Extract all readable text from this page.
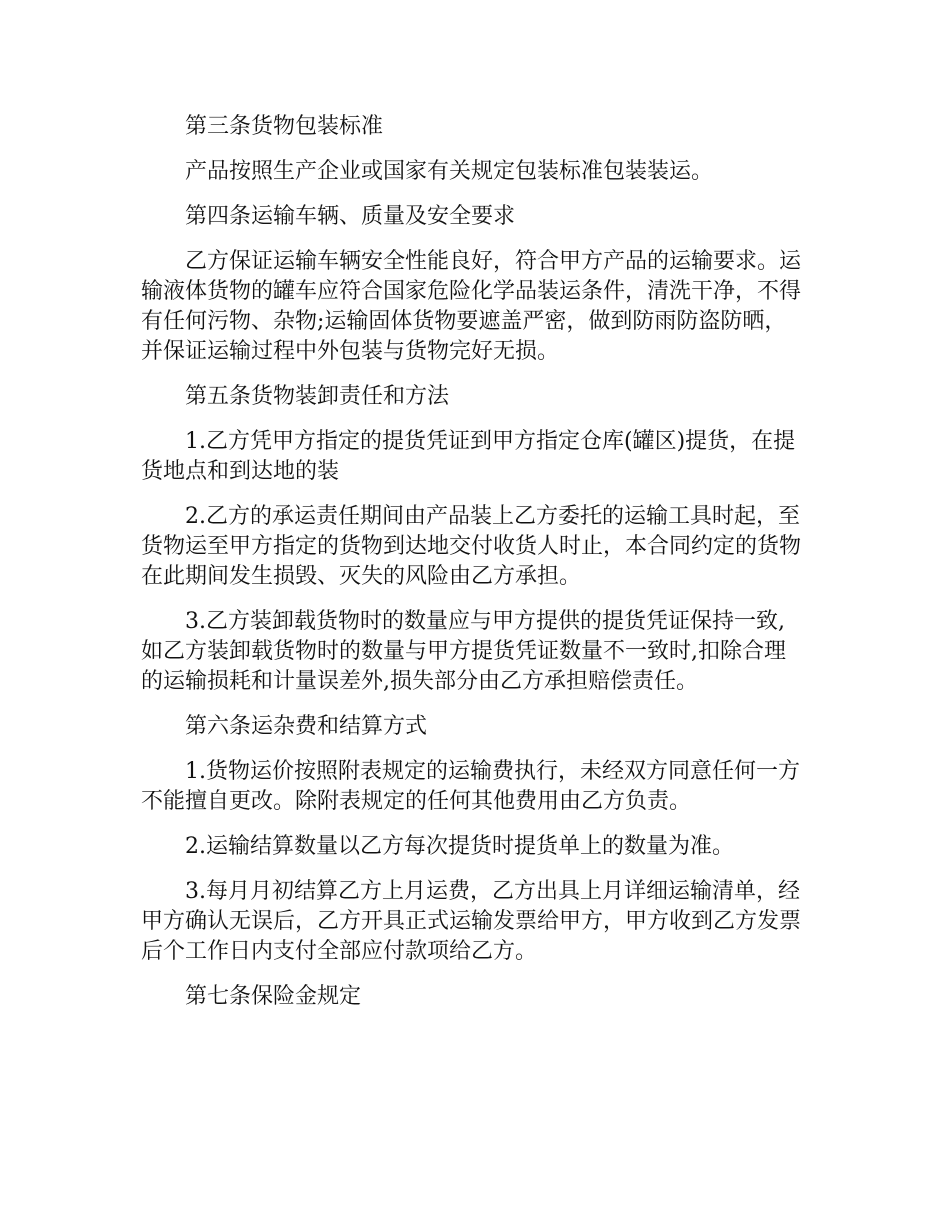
第三条货物包装标准

产品按照生产企业或国家有关规定包装标准包装装运。

第四条运输车辆、质量及安全要求

乙方保证运输车辆安全性能良好，符合甲方产品的运输要求。运输液体货物的罐车应符合国家危险化学品装运条件，清洗干净，不得有任何污物、杂物;运输固体货物要遮盖严密，做到防雨防盗防晒，并保证运输过程中外包装与货物完好无损。

第五条货物装卸责任和方法

1.乙方凭甲方指定的提货凭证到甲方指定仓库(罐区)提货，在提货地点和到达地的装

2.乙方的承运责任期间由产品装上乙方委托的运输工具时起，至货物运至甲方指定的货物到达地交付收货人时止，本合同约定的货物在此期间发生损毁、灭失的风险由乙方承担。

3.乙方装卸载货物时的数量应与甲方提供的提货凭证保持一致,如乙方装卸载货物时的数量与甲方提货凭证数量不一致时,扣除合理的运输损耗和计量误差外,损失部分由乙方承担赔偿责任。

第六条运杂费和结算方式

1.货物运价按照附表规定的运输费执行，未经双方同意任何一方不能擅自更改。除附表规定的任何其他费用由乙方负责。

2.运输结算数量以乙方每次提货时提货单上的数量为准。

3.每月月初结算乙方上月运费，乙方出具上月详细运输清单，经甲方确认无误后，乙方开具正式运输发票给甲方，甲方收到乙方发票后个工作日内支付全部应付款项给乙方。

第七条保险金规定
